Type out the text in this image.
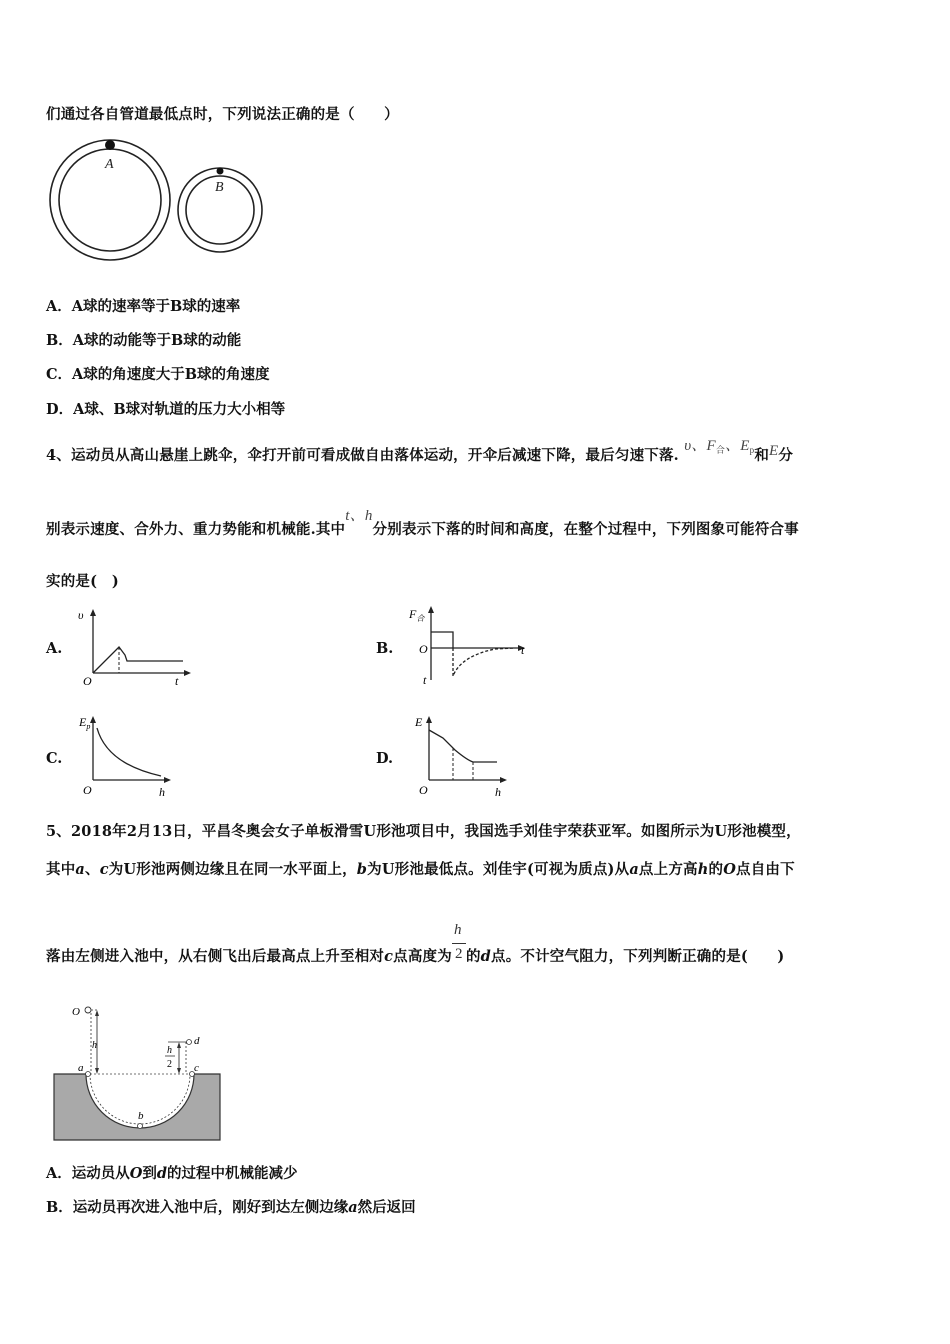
们通过各自管道最低点时，下列说法正确的是（　　）
A
B
A．A球的速率等于B球的速率
B．A球的动能等于B球的动能
C．A球的角速度大于B球的角速度
D．A球、B球对轨道的压力大小相等
4、运动员从高山悬崖上跳伞，伞打开前可看成做自由落体运动，开伞后减速下降，最后匀速下落. υ、$F_合$、$E_p$和E分
别表示速度、合外力、重力势能和机械能.其中t、h分别表示下落的时间和高度，在整个过程中，下列图象可能符合事
实的是(　)
A.
υ
O	t
B.
$F_合$
O	t
t
C.
$E_p$
O	h
D.
E
O	h
5、2018年2月13日，平昌冬奥会女子单板滑雪U形池项目中，我国选手刘佳宇荣获亚军。如图所示为U形池模型，
其中a、c为U形池两侧边缘且在同一水平面上，b为U形池最低点。刘佳宇(可视为质点)从a点上方高h的O点自由下
落由左侧进入池中，从右侧飞出后最高点上升至相对c点高度为 $\frac{h}{2}$ 的d点。不计空气阻力，下列判断正确的是(　　)
O
h
a
d
h
2 c
b
A．运动员从O到d的过程中机械能减少
B．运动员再次进入池中后，刚好到达左侧边缘a然后返回
